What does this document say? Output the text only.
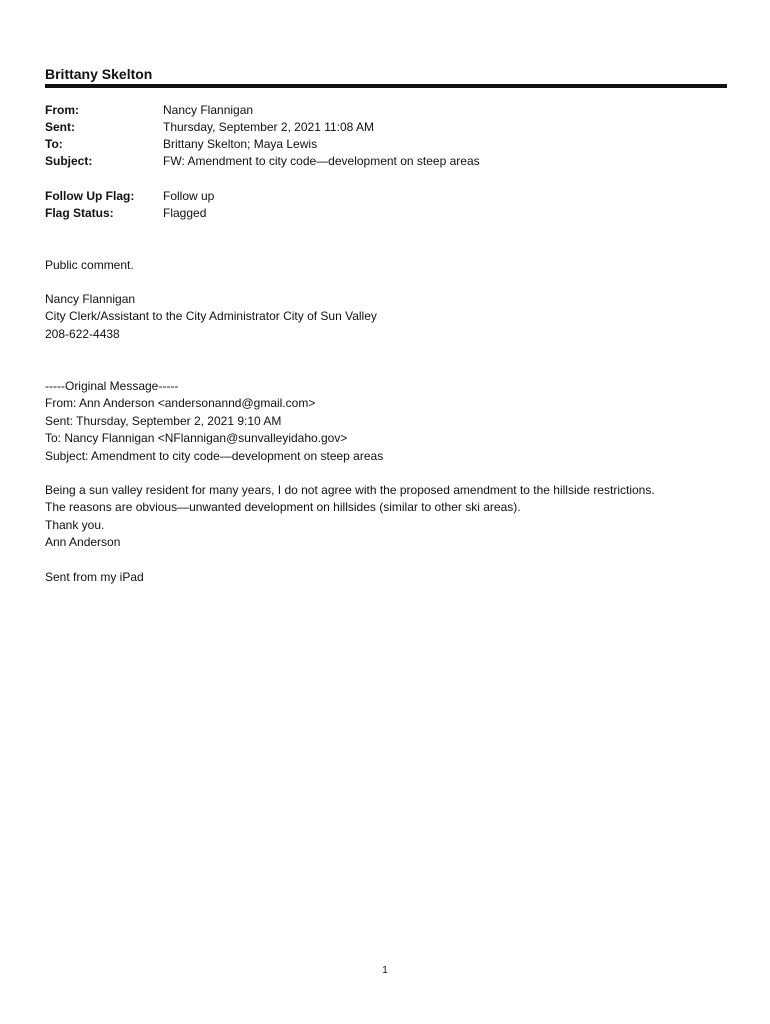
Brittany Skelton
From:	Nancy Flannigan
Sent:	Thursday, September 2, 2021 11:08 AM
To:	Brittany Skelton; Maya Lewis
Subject:	FW: Amendment to city code—development on steep areas
Follow Up Flag:	Follow up
Flag Status:	Flagged

Public comment.

Nancy Flannigan

City Clerk/Assistant to the City Administrator City of Sun Valley

208-622-4438

-----Original Message-----

From: Ann Anderson <andersonannd@gmail.com>

Sent: Thursday, September 2, 2021 9:10 AM

To: Nancy Flannigan <NFlannigan@sunvalleyidaho.gov>

Subject: Amendment to city code—development on steep areas

Being a sun valley resident for many years, I do not agree with the proposed amendment to the hillside restrictions.

The reasons are obvious—unwanted development on hillsides (similar to other ski areas).

Thank you.

Ann Anderson

Sent from my iPad

1
